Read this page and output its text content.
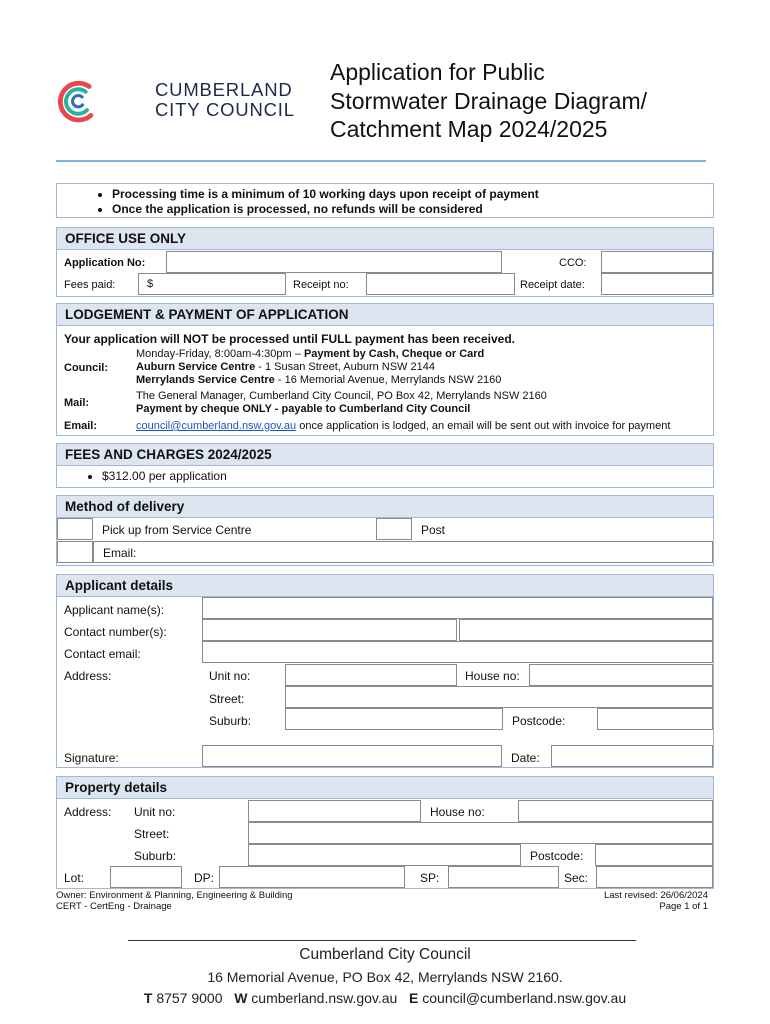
CUMBERLAND
CITY COUNCIL
Application for Public
Stormwater Drainage Diagram/
Catchment Map 2024/2025
• Processing time is a minimum of 10 working days upon receipt of payment
• Once the application is processed, no refunds will be considered
OFFICE USE ONLY
Application No:	CCO:
Fees paid:	$	Receipt no:	Receipt date:
LODGEMENT & PAYMENT OF APPLICATION
Your application will NOT be processed until FULL payment has been received.
Council:
Monday-Friday, 8:00am-4:30pm – Payment by Cash, Cheque or Card
Auburn Service Centre - 1 Susan Street, Auburn NSW 2144
Merrylands Service Centre - 16 Memorial Avenue, Merrylands NSW 2160
Mail:
The General Manager, Cumberland City Council, PO Box 42, Merrylands NSW 2160
Payment by cheque ONLY - payable to Cumberland City Council
Email:	council@cumberland.nsw.gov.au once application is lodged, an email will be sent out with invoice for payment
FEES AND CHARGES 2024/2025
• $312.00 per application
Method of delivery
Pick up from Service Centre	Post
Email:
Applicant details
Applicant name(s):
Contact number(s):
Contact email:
Address:	Unit no:	House no:
Street:
Suburb:	Postcode:
Signature:	Date:
Property details
Address: Unit no:	House no:
Street:
Suburb:	Postcode:
Lot:	DP:	SP:	Sec:
Owner: Environment & Planning, Engineering & Building
CERT - CertEng - Drainage
Last revised: 26/06/2024
Page 1 of 1
Cumberland City Council
16 Memorial Avenue, PO Box 42, Merrylands NSW 2160.
T 8757 9000 W cumberland.nsw.gov.au E council@cumberland.nsw.gov.au
